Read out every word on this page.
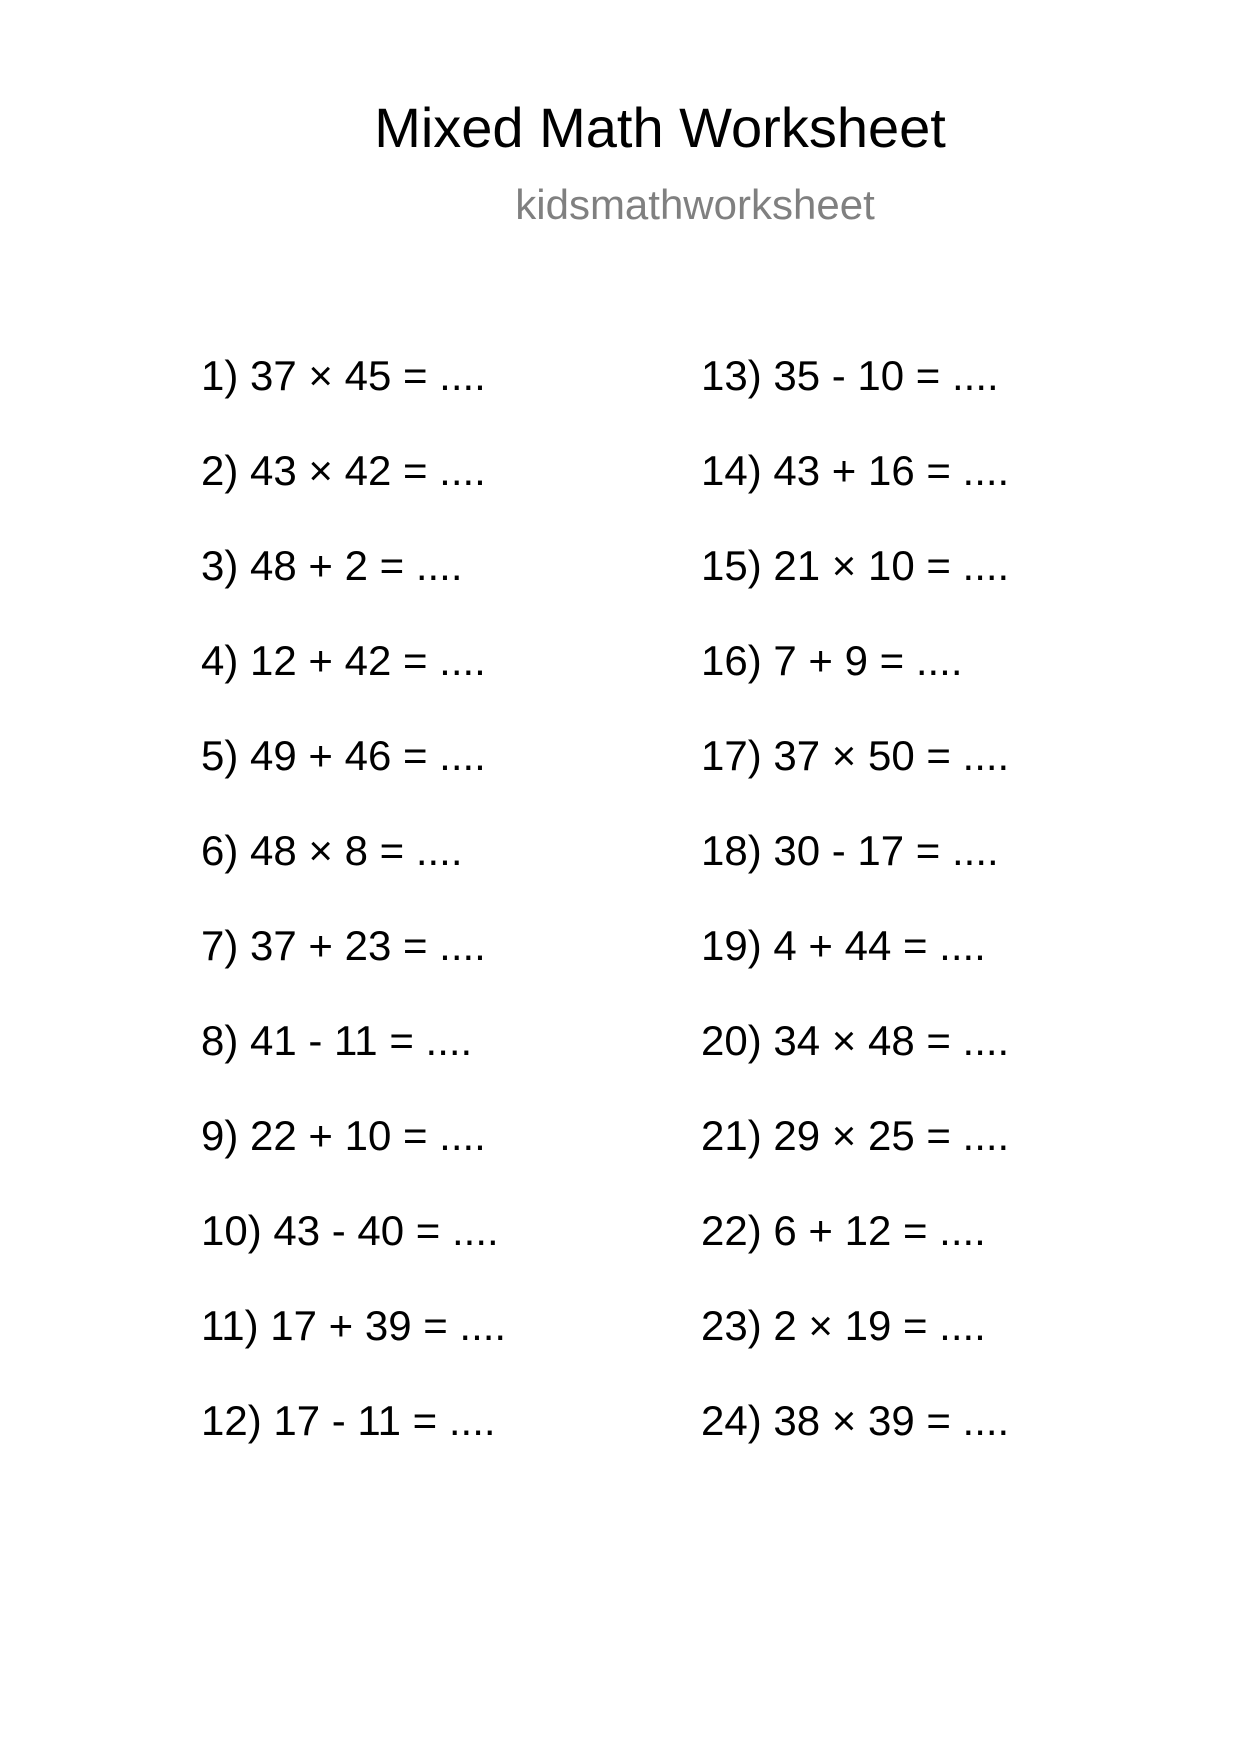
Mixed Math Worksheet
kidsmathworksheet
1) 37 × 45 = ....
2) 43 × 42 = ....
3) 48 + 2 = ....
4) 12 + 42 = ....
5) 49 + 46 = ....
6) 48 × 8 = ....
7) 37 + 23 = ....
8) 41 - 11 = ....
9) 22 + 10 = ....
10) 43 - 40 = ....
11) 17 + 39 = ....
12) 17 - 11 = ....
13) 35 - 10 = ....
14) 43 + 16 = ....
15) 21 × 10 = ....
16) 7 + 9 = ....
17) 37 × 50 = ....
18) 30 - 17 = ....
19) 4 + 44 = ....
20) 34 × 48 = ....
21) 29 × 25 = ....
22) 6 + 12 = ....
23) 2 × 19 = ....
24) 38 × 39 = ....
